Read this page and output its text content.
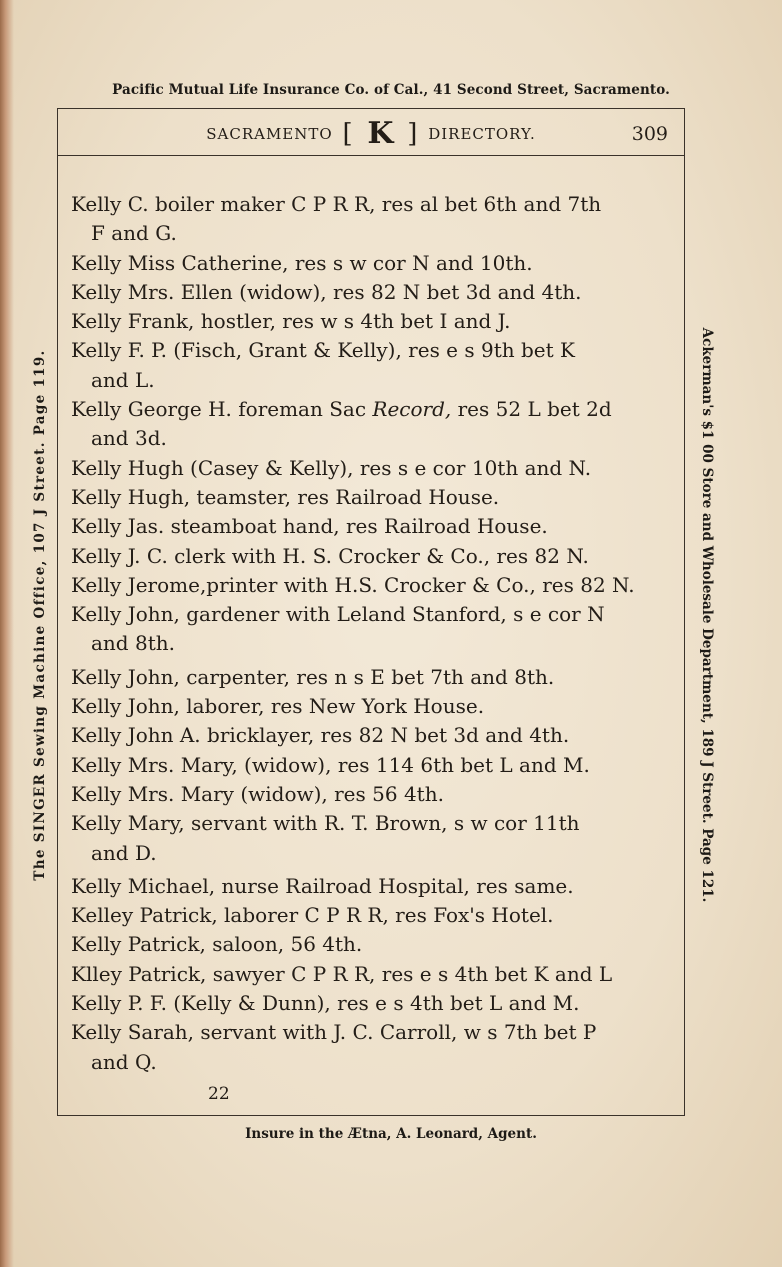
Pacific Mutual Life Insurance Co. of Cal., 41 Second Street, Sacramento.
The SINGER Sewing Machine Office, 107 J Street. Page 119.	Ackerman's $1 00 Store and Wholesale Department, 189 J Street. Page 121.
SACRAMENTO [ K ] DIRECTORY.	309
Kelly C. boiler maker C P R R, res al bet 6th and 7th
F and G.
Kelly Miss Catherine, res s w cor N and 10th.
Kelly Mrs. Ellen (widow), res 82 N bet 3d and 4th.
Kelly Frank, hostler, res w s 4th bet I and J.
Kelly F. P. (Fisch, Grant & Kelly), res e s 9th bet K
and L.
Kelly George H. foreman Sac Record, res 52 L bet 2d
and 3d.
Kelly Hugh (Casey & Kelly), res s e cor 10th and N.
Kelly Hugh, teamster, res Railroad House.
Kelly Jas. steamboat hand, res Railroad House.
Kelly J. C. clerk with H. S. Crocker & Co., res 82 N.
Kelly Jerome,printer with H.S. Crocker & Co., res 82 N.
Kelly John, gardener with Leland Stanford, s e cor N
and 8th.
Kelly John, carpenter, res n s E bet 7th and 8th.
Kelly John, laborer, res New York House.
Kelly John A. bricklayer, res 82 N bet 3d and 4th.
Kelly Mrs. Mary, (widow), res 114 6th bet L and M.
Kelly Mrs. Mary (widow), res 56 4th.
Kelly Mary, servant with R. T. Brown, s w cor 11th
and D.
Kelly Michael, nurse Railroad Hospital, res same.
Kelley Patrick, laborer C P R R, res Fox's Hotel.
Kelly Patrick, saloon, 56 4th.
Klley Patrick, sawyer C P R R, res e s 4th bet K and L
Kelly P. F. (Kelly & Dunn), res e s 4th bet L and M.
Kelly Sarah, servant with J. C. Carroll, w s 7th bet P
and Q.
22
Insure in the Ætna, A. Leonard, Agent.
